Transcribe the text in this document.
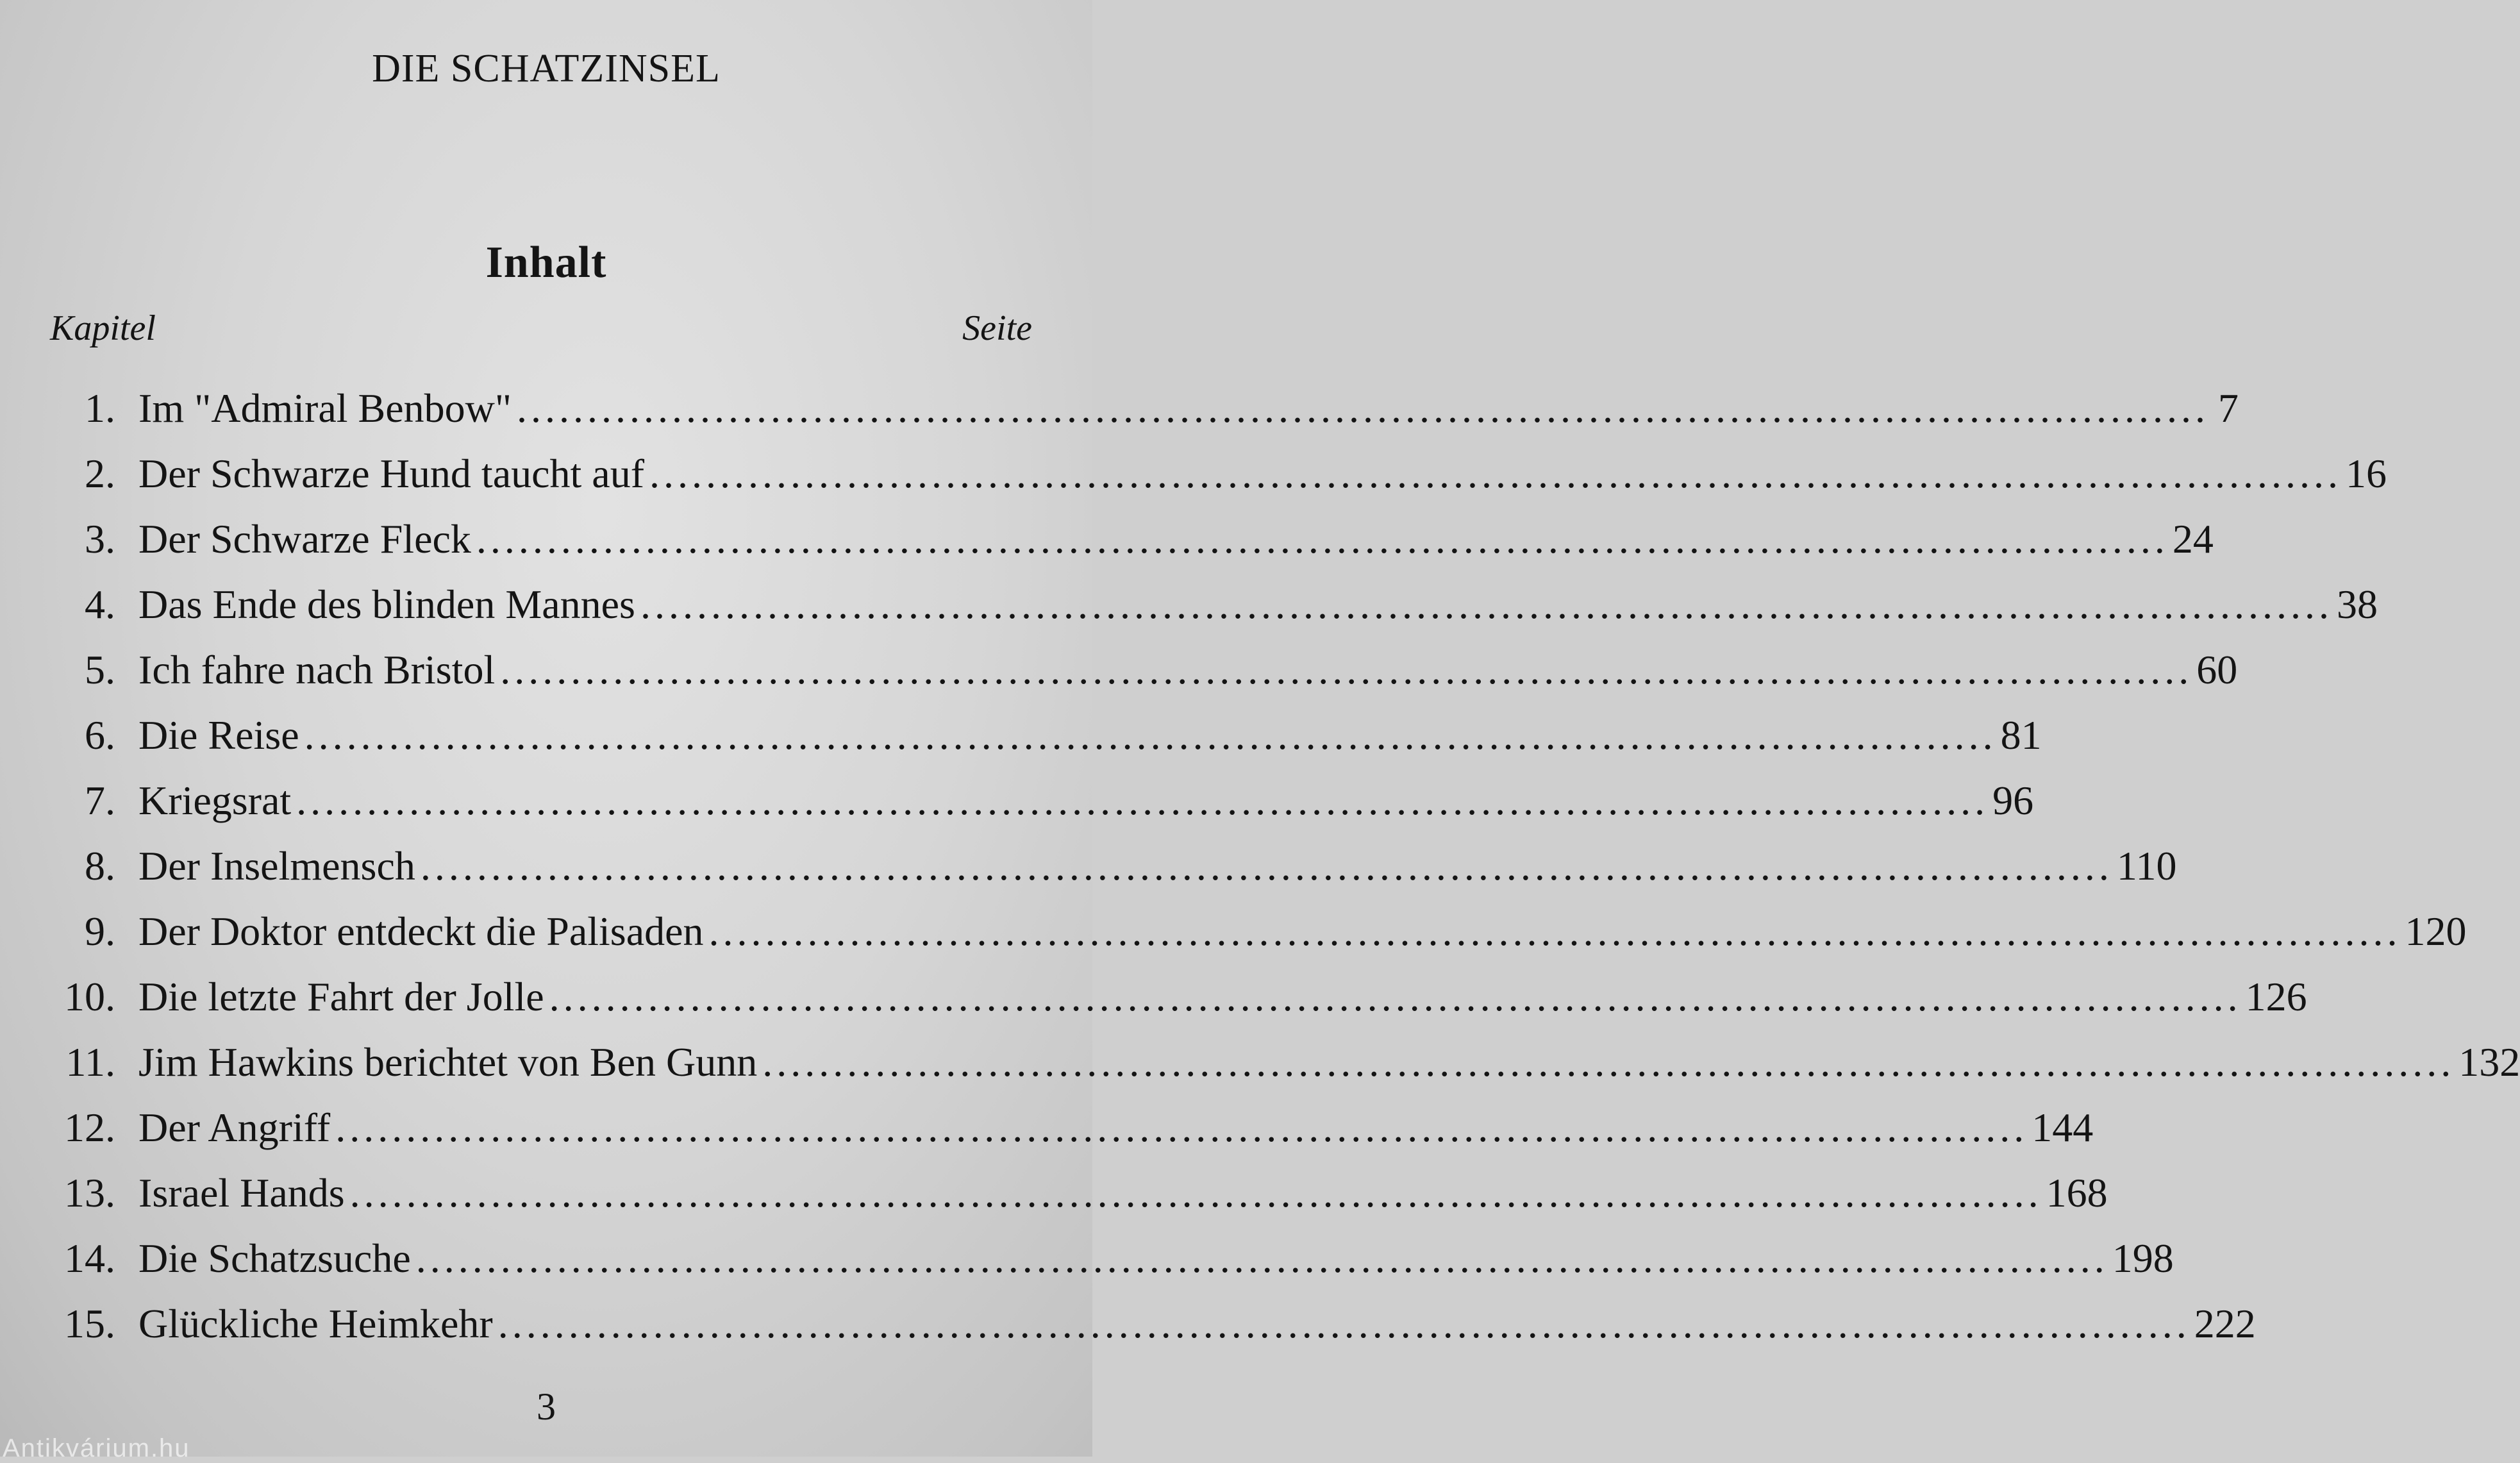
DIE SCHATZINSEL
Inhalt
Kapitel	Seite
1. Im "Admiral Benbow" ........................................................................................................................ 7
2. Der Schwarze Hund taucht auf ........................................................................................................................ 16
3. Der Schwarze Fleck ........................................................................................................................ 24
4. Das Ende des blinden Mannes ........................................................................................................................ 38
5. Ich fahre nach Bristol ........................................................................................................................ 60
6. Die Reise ........................................................................................................................ 81
7. Kriegsrat ........................................................................................................................ 96
8. Der Inselmensch ........................................................................................................................ 110
9. Der Doktor entdeckt die Palisaden ........................................................................................................................ 120
10. Die letzte Fahrt der Jolle ........................................................................................................................ 126
11. Jim Hawkins berichtet von Ben Gunn ........................................................................................................................ 132
12. Der Angriff ........................................................................................................................ 144
13. Israel Hands ........................................................................................................................ 168
14. Die Schatzsuche ........................................................................................................................ 198
15. Glückliche Heimkehr ........................................................................................................................ 222
3
Antikvárium.hu
